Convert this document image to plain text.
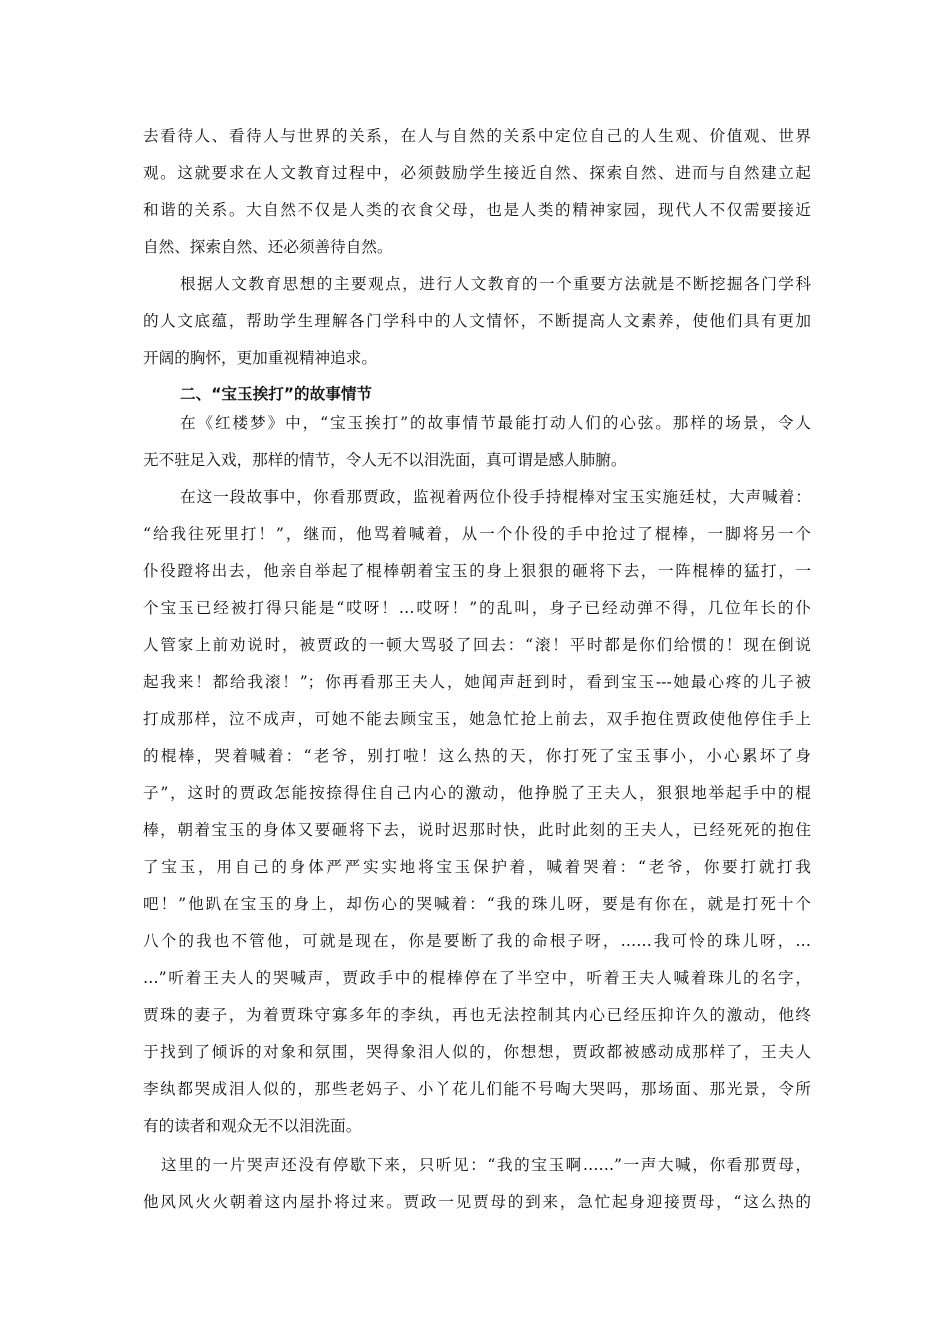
去看待人、看待人与世界的关系，在人与自然的关系中定位自己的人生观、价值观、世界
观。这就要求在人文教育过程中，必须鼓励学生接近自然、探索自然、进而与自然建立起
和谐的关系。大自然不仅是人类的衣食父母，也是人类的精神家园，现代人不仅需要接近
自然、探索自然、还必须善待自然。
根据人文教育思想的主要观点，进行人文教育的一个重要方法就是不断挖掘各门学科
的人文底蕴，帮助学生理解各门学科中的人文情怀，不断提高人文素养，使他们具有更加
开阔的胸怀，更加重视精神追求。
二、“宝玉挨打”的故事情节
在《红楼梦》中，“宝玉挨打”的故事情节最能打动人们的心弦。那样的场景，令人
无不驻足入戏，那样的情节，令人无不以泪洗面，真可谓是感人肺腑。
在这一段故事中，你看那贾政，监视着两位仆役手持棍棒对宝玉实施廷杖，大声喊着：
“给我往死里打！”，继而，他骂着喊着，从一个仆役的手中抢过了棍棒，一脚将另一个
仆役蹬将出去，他亲自举起了棍棒朝着宝玉的身上狠狠的砸将下去，一阵棍棒的猛打，一
个宝玉已经被打得只能是“哎呀！…哎呀！”的乱叫，身子已经动弹不得，几位年长的仆
人管家上前劝说时，被贾政的一顿大骂驳了回去：“滚！平时都是你们给惯的！现在倒说
起我来！都给我滚！”；你再看那王夫人，她闻声赶到时，看到宝玉---她最心疼的儿子被
打成那样，泣不成声，可她不能去顾宝玉，她急忙抢上前去，双手抱住贾政使他停住手上
的棍棒，哭着喊着：“老爷，别打啦！这么热的天，你打死了宝玉事小，小心累坏了身
子”，这时的贾政怎能按捺得住自己内心的激动，他挣脱了王夫人，狠狠地举起手中的棍
棒，朝着宝玉的身体又要砸将下去，说时迟那时快，此时此刻的王夫人，已经死死的抱住
了宝玉，用自己的身体严严实实地将宝玉保护着，喊着哭着：“老爷，你要打就打我
吧！”他趴在宝玉的身上，却伤心的哭喊着：“我的珠儿呀，要是有你在，就是打死十个
八个的我也不管他，可就是现在，你是要断了我的命根子呀，……我可怜的珠儿呀，…
…”听着王夫人的哭喊声，贾政手中的棍棒停在了半空中，听着王夫人喊着珠儿的名字，
贾珠的妻子，为着贾珠守寡多年的李纨，再也无法控制其内心已经压抑许久的激动，他终
于找到了倾诉的对象和氛围，哭得象泪人似的，你想想，贾政都被感动成那样了，王夫人
李纨都哭成泪人似的，那些老妈子、小丫花儿们能不号啕大哭吗，那场面、那光景，令所
有的读者和观众无不以泪洗面。
这里的一片哭声还没有停歇下来，只听见：“我的宝玉啊……”一声大喊，你看那贾母，
他风风火火朝着这内屋扑将过来。贾政一见贾母的到来，急忙起身迎接贾母，“这么热的
